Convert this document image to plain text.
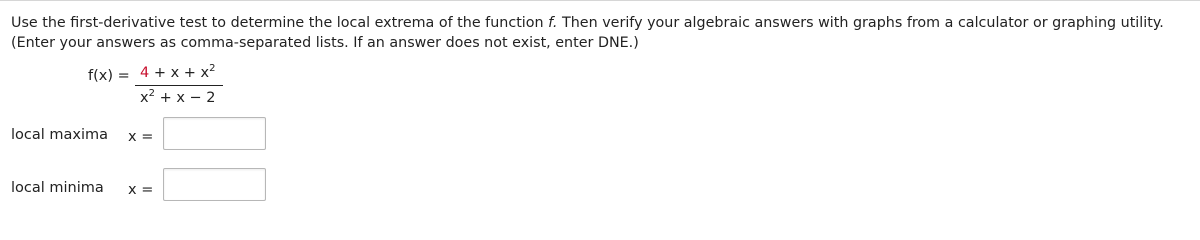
Use the first-derivative test to determine the local extrema of the function f. Then verify your algebraic answers with graphs from a calculator or graphing utility. (Enter your answers as comma-separated lists. If an answer does not exist, enter DNE.)
$f(x) = 4 + x + x^2$
$x^2 + x - 2$
local maxima x =
local minima x =
